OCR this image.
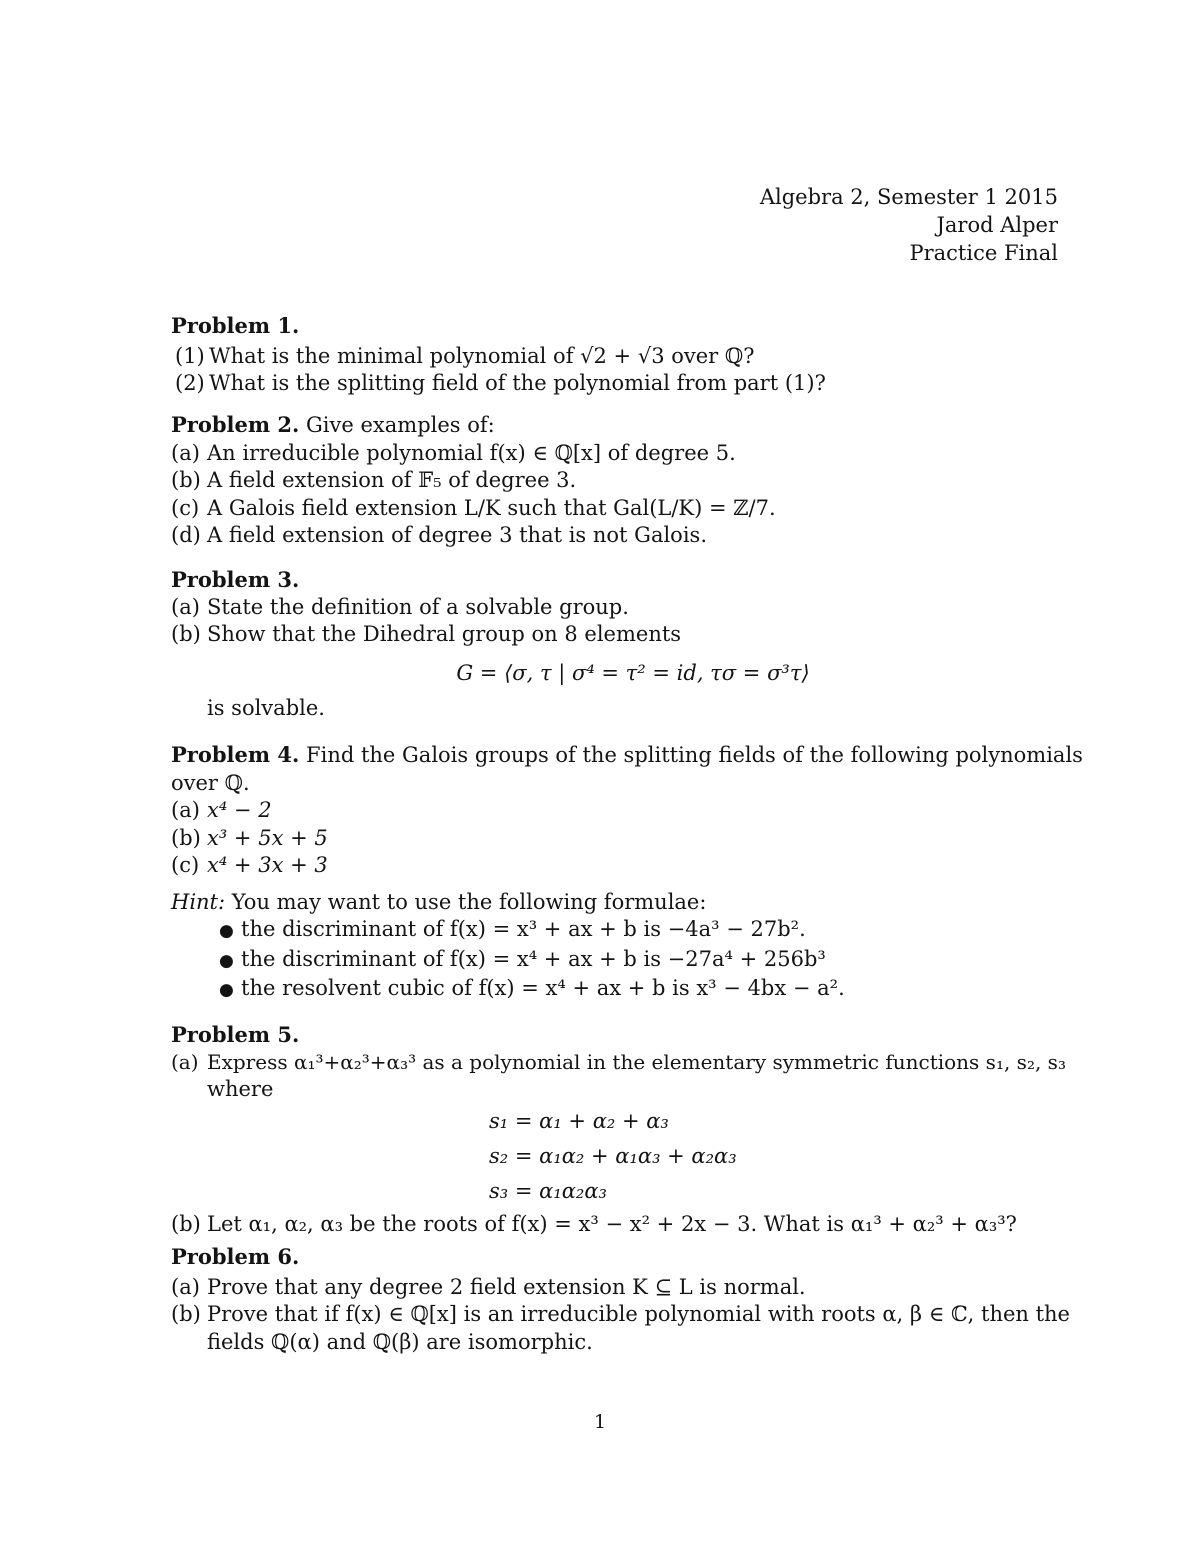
Algebra 2, Semester 1 2015
Jarod Alper
Practice Final
Problem 1.
(1) What is the minimal polynomial of √2 + √3 over ℚ?
(2) What is the splitting field of the polynomial from part (1)?
Problem 2. Give examples of:
(a) An irreducible polynomial f(x) ∈ ℚ[x] of degree 5.
(b) A field extension of 𝔽₅ of degree 3.
(c) A Galois field extension L/K such that Gal(L/K) = ℤ/7.
(d) A field extension of degree 3 that is not Galois.
Problem 3.
(a) State the definition of a solvable group.
(b) Show that the Dihedral group on 8 elements
G = ⟨σ, τ | σ⁴ = τ² = id, τσ = σ³τ⟩
is solvable.
Problem 4. Find the Galois groups of the splitting fields of the following polynomials
over ℚ.
(a) x⁴ − 2
(b) x³ + 5x + 5
(c) x⁴ + 3x + 3
Hint: You may want to use the following formulae:
● the discriminant of f(x) = x³ + ax + b is −4a³ − 27b².
● the discriminant of f(x) = x⁴ + ax + b is −27a⁴ + 256b³
● the resolvent cubic of f(x) = x⁴ + ax + b is x³ − 4bx − a².
Problem 5.
(a) Express α₁³+α₂³+α₃³ as a polynomial in the elementary symmetric functions s₁, s₂, s₃
where
s₁ = α₁ + α₂ + α₃
s₂ = α₁α₂ + α₁α₃ + α₂α₃
s₃ = α₁α₂α₃
(b) Let α₁, α₂, α₃ be the roots of f(x) = x³ − x² + 2x − 3. What is α₁³ + α₂³ + α₃³?
Problem 6.
(a) Prove that any degree 2 field extension K ⊆ L is normal.
(b) Prove that if f(x) ∈ ℚ[x] is an irreducible polynomial with roots α, β ∈ ℂ, then the
fields ℚ(α) and ℚ(β) are isomorphic.
1
